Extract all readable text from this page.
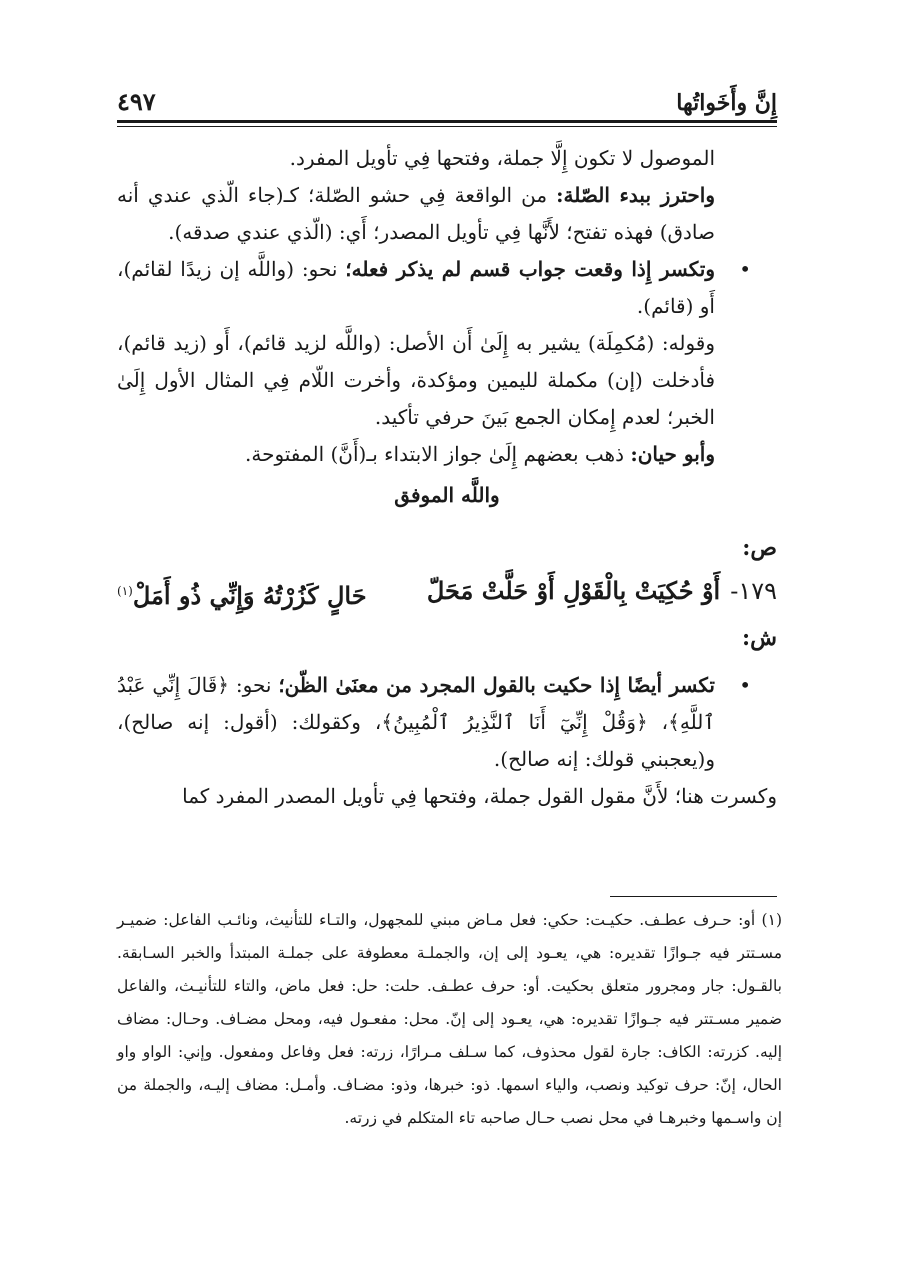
إِنَّ وأَخَواتُها
٤٩٧

الموصول لا تكون إِلَّا جملة، وفتحها فِي تأويل المفرد.

واحترز ببدء الصّلة: من الواقعة فِي حشو الصّلة؛ كـ(جاء الّذي عندي أنه صادق) فهذه تفتح؛ لأَنَّها فِي تأويل المصدر؛ أَي: (الّذي عندي صدقه).

•
وتكسر إِذا وقعت جواب قسم لم يذكر فعله؛ نحو: (واللَّه إن زيدًا لقائم)، أَو (قائم).

وقوله: (مُكمِلَة) يشير به إِلَىٰ أَن الأصل: (واللَّه لزيد قائم)، أَو (زيد قائم)، فأدخلت (إن) مكملة لليمين ومؤكدة، وأخرت اللّام فِي المثال الأول إِلَىٰ الخبر؛ لعدم إِمكان الجمع بَينَ حرفي تأكيد.

وأبو حيان: ذهب بعضهم إِلَىٰ جواز الابتداء بـ(أَنَّ) المفتوحة.

واللَّه الموفق

ص:

١٧٩-أَوْ حُكِيَتْ بِالْقَوْلِ أَوْ حَلَّتْ مَحَلّ
حَالٍ كَزُرْتُهُ وَإِنِّي ذُو أَمَلْ$^{(١)}$

ش:

•
تكسر أيضًا إِذا حكيت بالقول المجرد من معنَىٰ الظّن؛ نحو: ﴿قَالَ إِنِّي عَبْدُ ٱللَّهِ﴾، ﴿وَقُلْ إِنِّيٓ أَنَا ٱلنَّذِيرُ ٱلْمُبِينُ﴾، وكقولك: (أقول: إنه صالح)، و(يعجبني قولك: إنه صالح).

وكسرت هنا؛ لأَنَّ مقول القول جملة، وفتحها فِي تأويل المصدر المفرد كما

(١) أو: حـرف عطـف. حكيـت: حكي: فعل مـاض مبني للمجهول، والتـاء للتأنيث، ونائـب الفاعل: ضميـر مسـتتر فيه جـوازًا تقديره: هي، يعـود إلى إن، والجملـة معطوفة على جملـة المبتدأ والخبر السـابقة. بالقـول: جار ومجرور متعلق بحكيت. أو: حرف عطـف. حلت: حل: فعل ماض، والتاء للتأنيـث، والفاعل ضمير مسـتتر فيه جـوازًا تقديره: هي، يعـود إلى إنّ. محل: مفعـول فيه، ومحل مضـاف. وحـال: مضاف إليه. كزرته: الكاف: جارة لقول محذوف، كما سـلف مـرارًا، زرته: فعل وفاعل ومفعول. وإني: الواو واو الحال، إنّ: حرف توكيد ونصب، والياء اسمها. ذو: خبرها، وذو: مضـاف. وأمـل: مضاف إليـه، والجملة من إن واسـمها وخبرهـا في محل نصب حـال صاحبه تاء المتكلم في زرته.
